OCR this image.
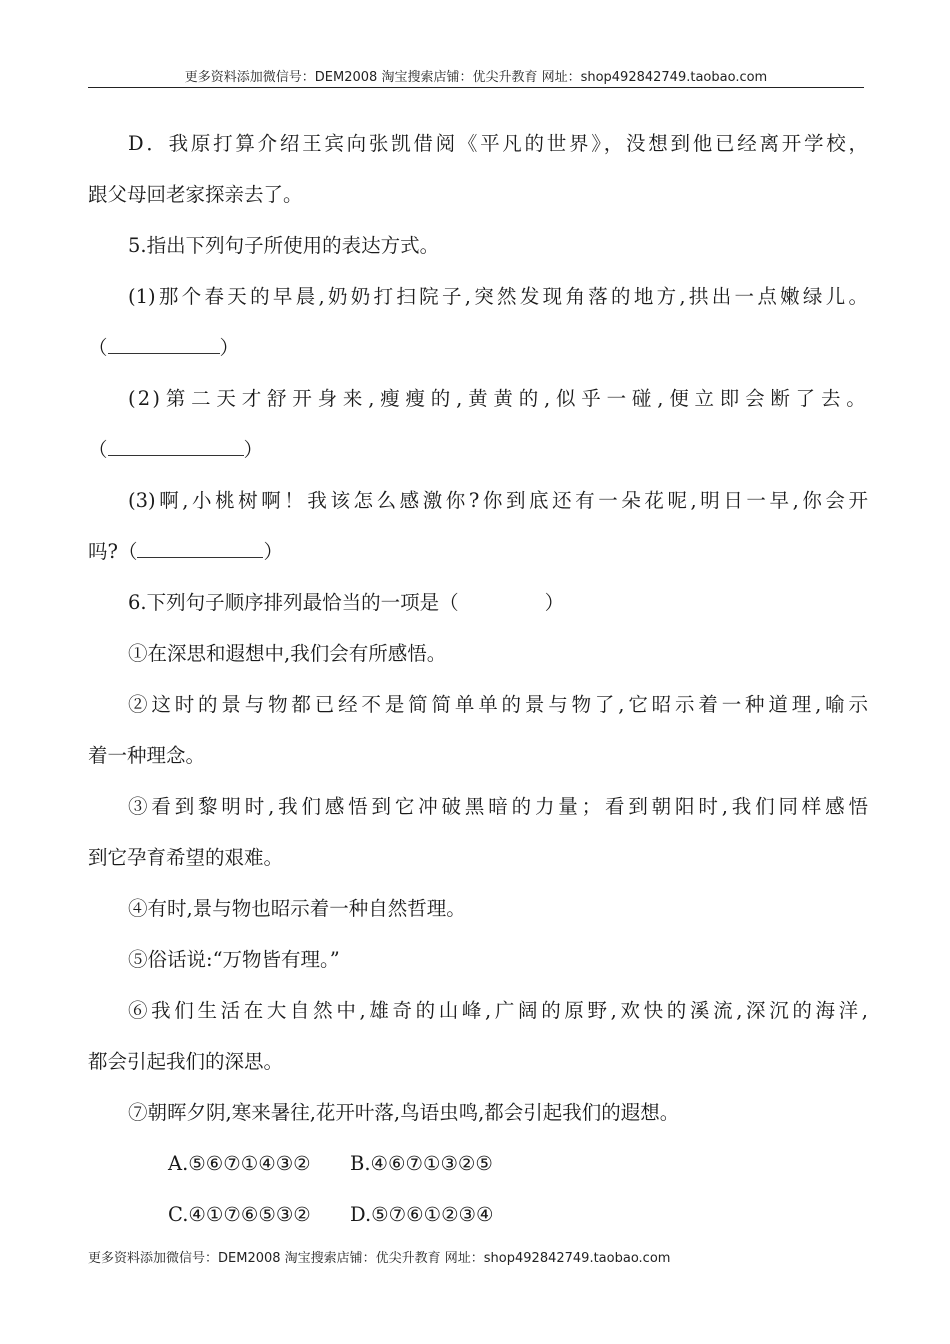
更多资料添加微信号：DEM2008 淘宝搜索店铺：优尖升教育 网址：shop492842749.taobao.com

D．我原打算介绍王宾向张凯借阅《平凡的世界》，没想到他已经离开学校，

跟父母回老家探亲去了。

5.指出下列句子所使用的表达方式。

(1)那个春天的早晨,奶奶打扫院子,突然发现角落的地方,拱出一点嫩绿儿。

（	）

(2)第二天才舒开身来,瘦瘦的,黄黄的,似乎一碰,便立即会断了去。

（	）

(3)啊,小桃树啊！我该怎么感激你?你到底还有一朵花呢,明日一早,你会开

吗?（	）

6.下列句子顺序排列最恰当的一项是（	）

①在深思和遐想中,我们会有所感悟。

②这时的景与物都已经不是简简单单的景与物了,它昭示着一种道理,喻示

着一种理念。

③看到黎明时,我们感悟到它冲破黑暗的力量；看到朝阳时,我们同样感悟

到它孕育希望的艰难。

④有时,景与物也昭示着一种自然哲理。

⑤俗话说:“万物皆有理。”

⑥我们生活在大自然中,雄奇的山峰,广阔的原野,欢快的溪流,深沉的海洋,

都会引起我们的深思。

⑦朝晖夕阴,寒来暑往,花开叶落,鸟语虫鸣,都会引起我们的遐想。

A.⑤⑥⑦①④③② B.④⑥⑦①③②⑤

C.④①⑦⑥⑤③② D.⑤⑦⑥①②③④

更多资料添加微信号：DEM2008 淘宝搜索店铺：优尖升教育 网址：shop492842749.taobao.com
